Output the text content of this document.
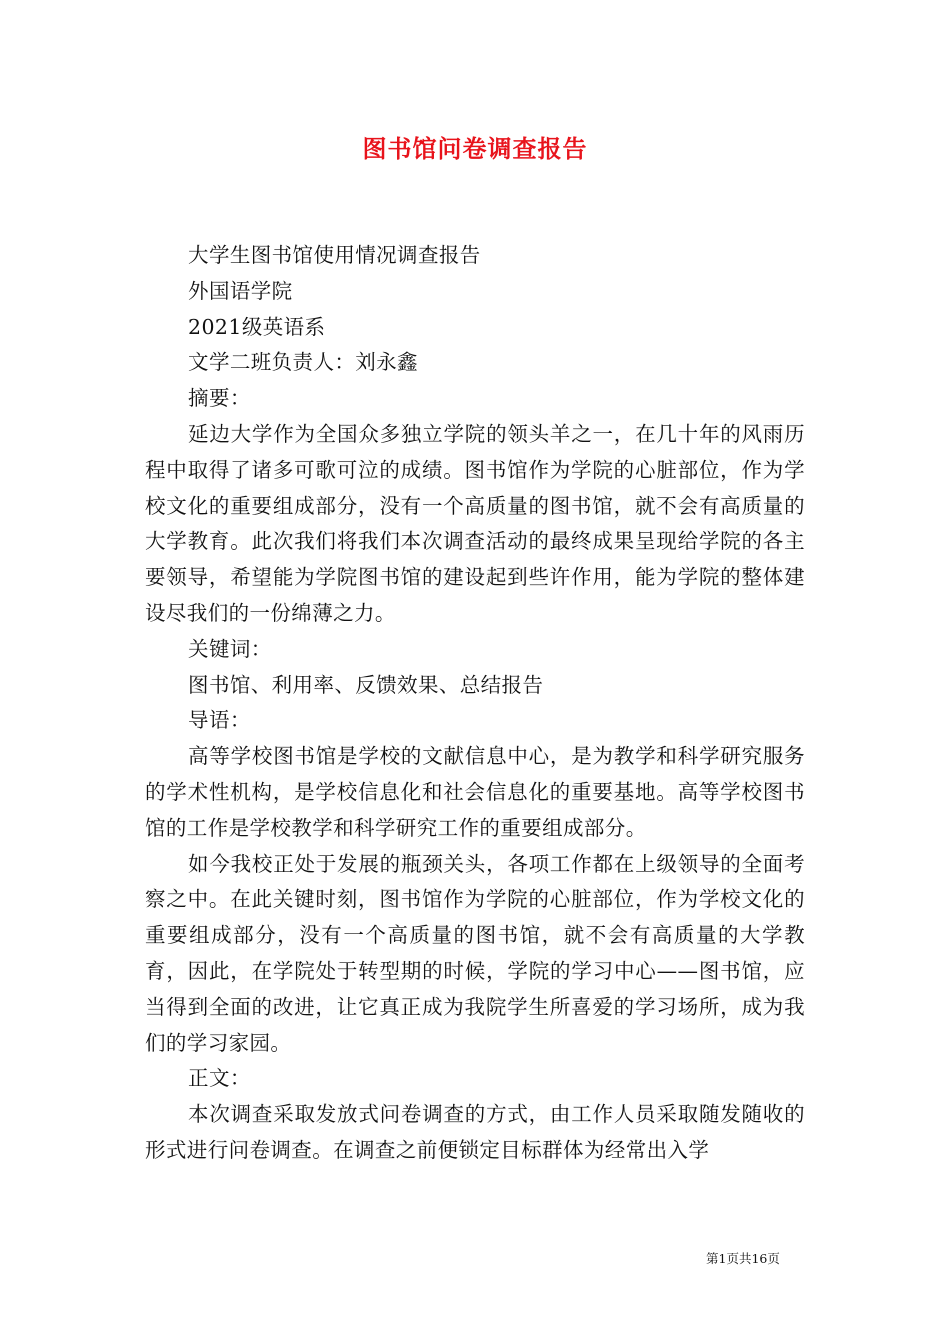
图书馆问卷调查报告

大学生图书馆使用情况调查报告

外国语学院

2021级英语系

文学二班负责人：刘永鑫

摘要：

延边大学作为全国众多独立学院的领头羊之一，在几十年的风雨历程中取得了诸多可歌可泣的成绩。图书馆作为学院的心脏部位，作为学校文化的重要组成部分，没有一个高质量的图书馆，就不会有高质量的大学教育。此次我们将我们本次调查活动的最终成果呈现给学院的各主要领导，希望能为学院图书馆的建设起到些许作用，能为学院的整体建设尽我们的一份绵薄之力。

关键词：

图书馆、利用率、反馈效果、总结报告

导语：

高等学校图书馆是学校的文献信息中心，是为教学和科学研究服务的学术性机构，是学校信息化和社会信息化的重要基地。高等学校图书馆的工作是学校教学和科学研究工作的重要组成部分。

如今我校正处于发展的瓶颈关头，各项工作都在上级领导的全面考察之中。在此关键时刻，图书馆作为学院的心脏部位，作为学校文化的重要组成部分，没有一个高质量的图书馆，就不会有高质量的大学教育，因此，在学院处于转型期的时候，学院的学习中心——图书馆，应当得到全面的改进，让它真正成为我院学生所喜爱的学习场所，成为我们的学习家园。

正文：

本次调查采取发放式问卷调查的方式，由工作人员采取随发随收的形式进行问卷调查。在调查之前便锁定目标群体为经常出入学

第1页共16页
